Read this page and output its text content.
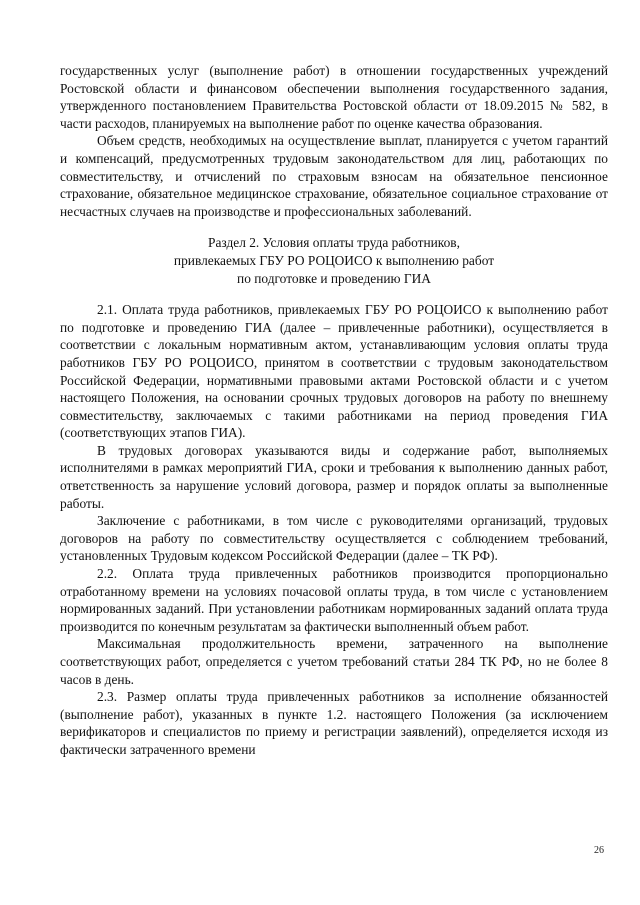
государственных услуг (выполнение работ) в отношении государственных учреждений Ростовской области и финансовом обеспечении выполнения государственного задания, утвержденного постановлением Правительства Ростовской области от 18.09.2015 № 582, в части расходов, планируемых на выполнение работ по оценке качества образования.

Объем средств, необходимых на осуществление выплат, планируется с учетом гарантий и компенсаций, предусмотренных трудовым законодательством для лиц, работающих по совместительству, и отчислений по страховым взносам на обязательное пенсионное страхование, обязательное медицинское страхование, обязательное социальное страхование от несчастных случаев на производстве и профессиональных заболеваний.

Раздел 2. Условия оплаты труда работников,
привлекаемых ГБУ РО РОЦОИСО к выполнению работ
по подготовке и проведению ГИА

2.1. Оплата труда работников, привлекаемых ГБУ РО РОЦОИСО к выполнению работ по подготовке и проведению ГИА (далее – привлеченные работники), осуществляется в соответствии с локальным нормативным актом, устанавливающим условия оплаты труда работников ГБУ РО РОЦОИСО, принятом в соответствии с трудовым законодательством Российской Федерации, нормативными правовыми актами Ростовской области и с учетом настоящего Положения, на основании срочных трудовых договоров на работу по внешнему совместительству, заключаемых с такими работниками на период проведения ГИА (соответствующих этапов ГИА).

В трудовых договорах указываются виды и содержание работ, выполняемых исполнителями в рамках мероприятий ГИА, сроки и требования к выполнению данных работ, ответственность за нарушение условий договора, размер и порядок оплаты за выполненные работы.

Заключение с работниками, в том числе с руководителями организаций, трудовых договоров на работу по совместительству осуществляется с соблюдением требований, установленных Трудовым кодексом Российской Федерации (далее – ТК РФ).

2.2. Оплата труда привлеченных работников производится пропорционально отработанному времени на условиях почасовой оплаты труда, в том числе с установлением нормированных заданий. При установлении работникам нормированных заданий оплата труда производится по конечным результатам за фактически выполненный объем работ.

Максимальная продолжительность времени, затраченного на выполнение соответствующих работ, определяется с учетом требований статьи 284 ТК РФ, но не более 8 часов в день.

2.3. Размер оплаты труда привлеченных работников за исполнение обязанностей (выполнение работ), указанных в пункте 1.2. настоящего Положения (за исключением верификаторов и специалистов по приему и регистрации заявлений), определяется исходя из фактически затраченного времени

26
